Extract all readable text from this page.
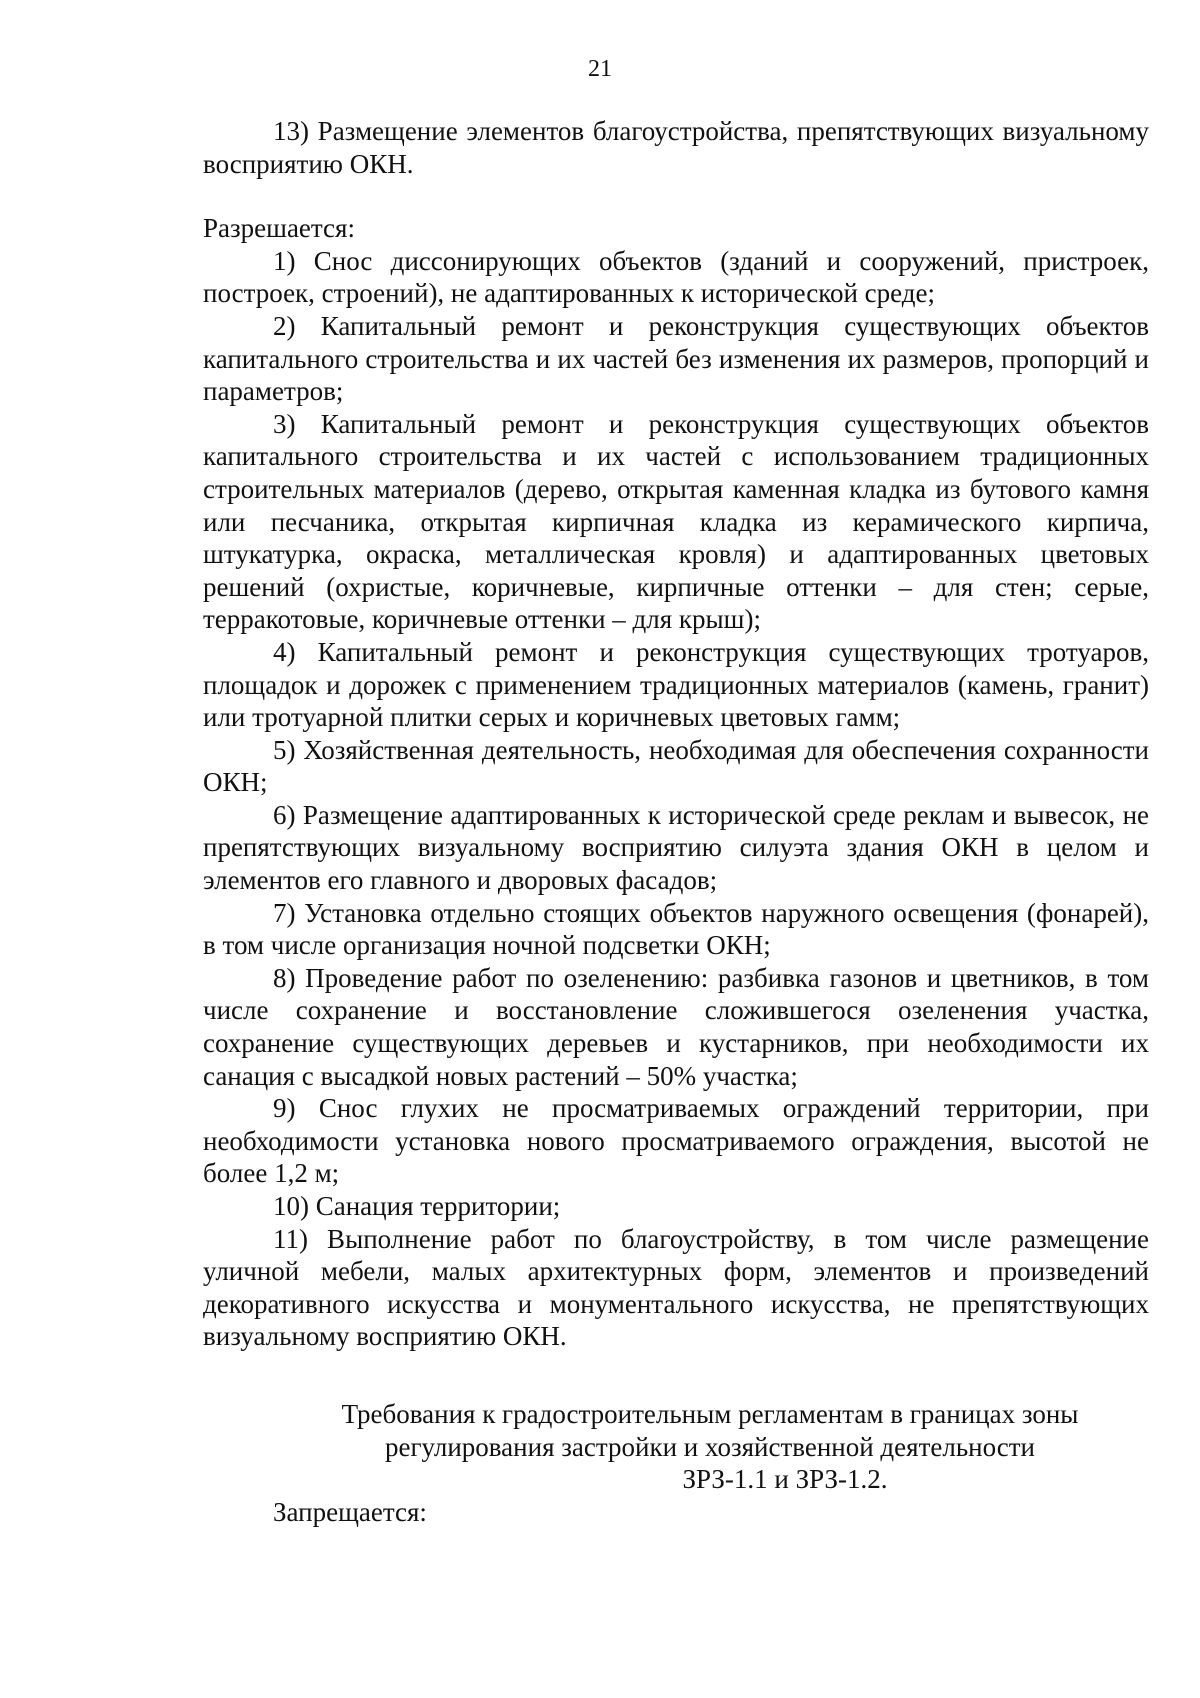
21

13) Размещение элементов благоустройства, препятствующих визуальному восприятию ОКН.

Разрешается:

1) Снос диссонирующих объектов (зданий и сооружений, пристроек, построек, строений), не адаптированных к исторической среде;

2) Капитальный ремонт и реконструкция существующих объектов капитального строительства и их частей без изменения их размеров, пропорций и параметров;

3) Капитальный ремонт и реконструкция существующих объектов капитального строительства и их частей с использованием традиционных строительных материалов (дерево, открытая каменная кладка из бутового камня или песчаника, открытая кирпичная кладка из керамического кирпича, штукатурка, окраска, металлическая кровля) и адаптированных цветовых решений (охристые, коричневые, кирпичные оттенки – для стен; серые, терракотовые, коричневые оттенки – для крыш);

4) Капитальный ремонт и реконструкция существующих тротуаров, площадок и дорожек с применением традиционных материалов (камень, гранит) или тротуарной плитки серых и коричневых цветовых гамм;

5) Хозяйственная деятельность, необходимая для обеспечения сохранности ОКН;

6) Размещение адаптированных к исторической среде реклам и вывесок, не препятствующих визуальному восприятию силуэта здания ОКН в целом и элементов его главного и дворовых фасадов;

7) Установка отдельно стоящих объектов наружного освещения (фонарей), в том числе организация ночной подсветки ОКН;

8) Проведение работ по озеленению: разбивка газонов и цветников, в том числе сохранение и восстановление сложившегося озеленения участка, сохранение существующих деревьев и кустарников, при необходимости их санация с высадкой новых растений – 50% участка;

9) Снос глухих не просматриваемых ограждений территории, при необходимости установка нового просматриваемого ограждения, высотой не более 1,2 м;

10) Санация территории;

11) Выполнение работ по благоустройству, в том числе размещение уличной мебели, малых архитектурных форм, элементов и произведений декоративного искусства и монументального искусства, не препятствующих визуальному восприятию ОКН.

Требования к градостроительным регламентам в границах зоны
регулирования застройки и хозяйственной деятельности
ЗРЗ-1.1 и ЗРЗ-1.2.

Запрещается:
